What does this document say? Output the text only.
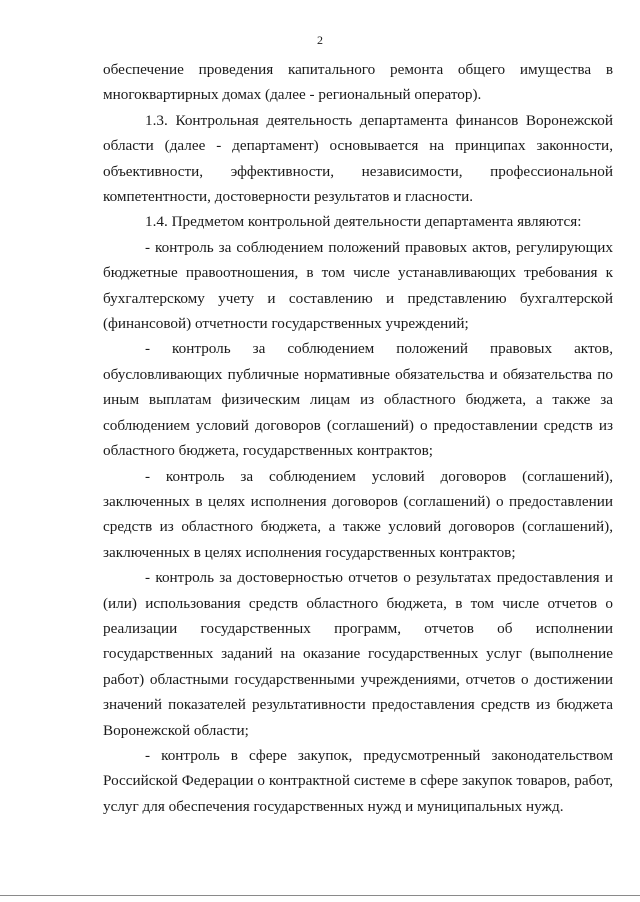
2

обеспечение проведения капитального ремонта общего имущества в многоквартирных домах (далее - региональный оператор).

1.3. Контрольная деятельность департамента финансов Воронежской области (далее - департамент) основывается на принципах законности, объективности, эффективности, независимости, профессиональной компетентности, достоверности результатов и гласности.

1.4. Предметом контрольной деятельности департамента являются:

- контроль за соблюдением положений правовых актов, регулирующих бюджетные правоотношения, в том числе устанавливающих требования к бухгалтерскому учету и составлению и представлению бухгалтерской (финансовой) отчетности государственных учреждений;

- контроль за соблюдением положений правовых актов, обусловливающих публичные нормативные обязательства и обязательства по иным выплатам физическим лицам из областного бюджета, а также за соблюдением условий договоров (соглашений) о предоставлении средств из областного бюджета, государственных контрактов;

- контроль за соблюдением условий договоров (соглашений), заключенных в целях исполнения договоров (соглашений) о предоставлении средств из областного бюджета, а также условий договоров (соглашений), заключенных в целях исполнения государственных контрактов;

- контроль за достоверностью отчетов о результатах предоставления и (или) использования средств областного бюджета, в том числе отчетов о реализации государственных программ, отчетов об исполнении государственных заданий на оказание государственных услуг (выполнение работ) областными государственными учреждениями, отчетов о достижении значений показателей результативности предоставления средств из бюджета Воронежской области;

- контроль в сфере закупок, предусмотренный законодательством Российской Федерации о контрактной системе в сфере закупок товаров, работ, услуг для обеспечения государственных нужд и муниципальных нужд.
